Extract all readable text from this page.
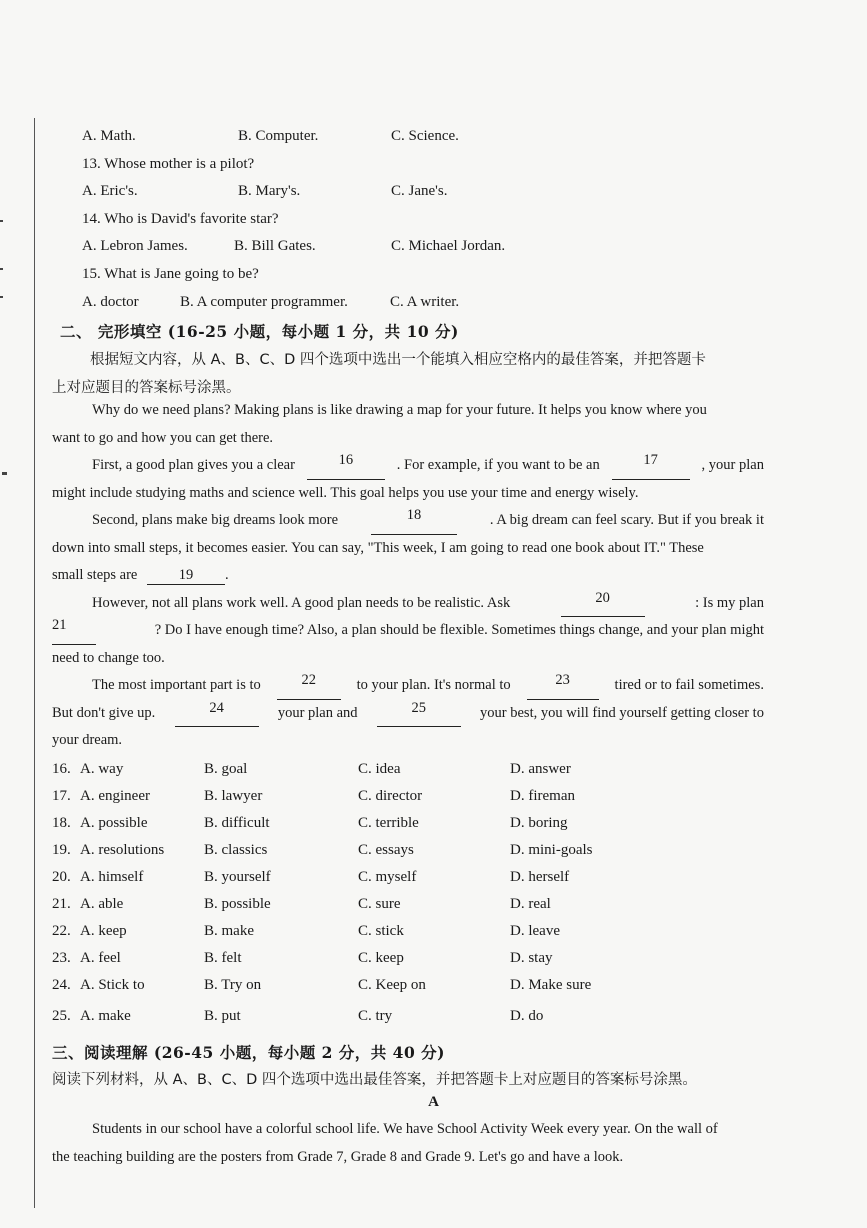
A. Math.	B. Computer.	C. Science.
13. Whose mother is a pilot?
A. Eric's.	B. Mary's.	C. Jane's.
14. Who is David's favorite star?
A. Lebron James.	B. Bill Gates.	C. Michael Jordan.
15. What is Jane going to be?
A. doctor	B. A computer programmer.	C. A writer.
二、 完形填空 (16-25 小题，每小题 1 分，共 10 分)
根据短文内容，从 A、B、C、D 四个选项中选出一个能填入相应空格内的最佳答案，并把答题卡
上对应题目的答案标号涂黑。
Why do we need plans? Making plans is like drawing a map for your future. It helps you know where you
want to go and how you can get there.
First, a good plan gives you a clear	16	. For example, if you want to be an	17	, your plan
might include studying maths and science well. This goal helps you use your time and energy wisely.
Second, plans make big dreams look more	18	. A big dream can feel scary. But if you break it
down into small steps, it becomes easier. You can say, "This week, I am going to read one book about IT." These
small steps are	19 .
However, not all plans work well. A good plan needs to be realistic. Ask	20	: Is my plan
21	? Do I have enough time? Also, a plan should be flexible. Sometimes things change, and your plan might
need to change too.
The most important part is to	22	to your plan. It's normal to	23	tired or to fail sometimes.
But don't give up.	24	your plan and	25	your best, you will find yourself getting closer to
your dream.
16. A. way	B. goal	C. idea	D. answer
17. A. engineer	B. lawyer	C. director	D. fireman
18. A. possible	B. difficult	C. terrible	D. boring
19. A. resolutions	B. classics	C. essays	D. mini-goals
20. A. himself	B. yourself	C. myself	D. herself
21. A. able	B. possible	C. sure	D. real
22. A. keep	B. make	C. stick	D. leave
23. A. feel	B. felt	C. keep	D. stay
24. A. Stick to	B. Try on	C. Keep on	D. Make sure
25. A. make	B. put	C. try	D. do
三、阅读理解 (26-45 小题，每小题 2 分，共 40 分)
阅读下列材料，从 A、B、C、D 四个选项中选出最佳答案，并把答题卡上对应题目的答案标号涂黑。
A
Students in our school have a colorful school life. We have School Activity Week every year. On the wall of
the teaching building are the posters from Grade 7, Grade 8 and Grade 9. Let's go and have a look.
